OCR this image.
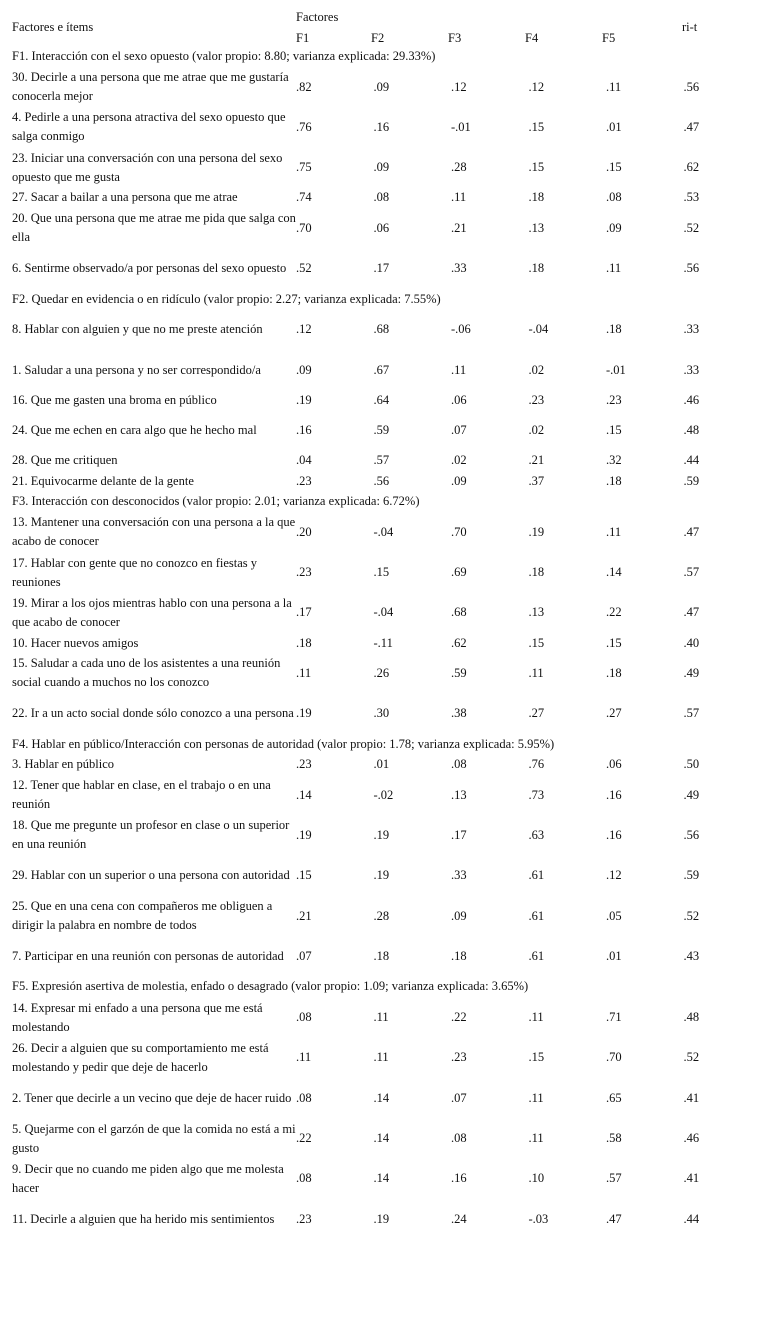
Factores e ítems
Factores
F1	F2	F3	F4	F5
ri-t
F1. Interacción con el sexo opuesto (valor propio: 8.80; varianza explicada: 29.33%)
30. Decirle a una persona que me atrae que me gustaría conocerla mejor
.82	.09	.12	.12	.11	.56
4. Pedirle a una persona atractiva del sexo opuesto que salga conmigo
.76	.16	-.01	.15	.01	.47
23. Iniciar una conversación con una persona del sexo opuesto que me gusta
.75	.09	.28	.15	.15	.62
27. Sacar a bailar a una persona que me atrae	.74	.08	.11	.18	.08	.53
20. Que una persona que me atrae me pida que salga con ella
.70	.06	.21	.13	.09	.52
6. Sentirme observado/a por personas del sexo opuesto .52	.17	.33	.18	.11	.56
F2. Quedar en evidencia o en ridículo (valor propio: 2.27; varianza explicada: 7.55%)
8. Hablar con alguien y que no me preste atención	.12	.68	-.06	-.04	.18	.33
1. Saludar a una persona y no ser correspondido/a	.09	.67	.11	.02	-.01	.33
16. Que me gasten una broma en público	.19	.64	.06	.23	.23	.46
24. Que me echen en cara algo que he hecho mal	.16	.59	.07	.02	.15	.48
28. Que me critiquen	.04	.57	.02	.21	.32	.44
21. Equivocarme delante de la gente	.23	.56	.09	.37	.18	.59
F3. Interacción con desconocidos (valor propio: 2.01; varianza explicada: 6.72%)
13. Mantener una conversación con una persona a la que acabo de conocer
.20	-.04	.70	.19	.11	.47
17. Hablar con gente que no conozco en fiestas y reuniones
.23	.15	.69	.18	.14	.57
19. Mirar a los ojos mientras hablo con una persona a la que acabo de conocer
.17	-.04	.68	.13	.22	.47
10. Hacer nuevos amigos	.18	-.11	.62	.15	.15	.40
15. Saludar a cada uno de los asistentes a una reunión social cuando a muchos no los conozco
.11	.26	.59	.11	.18	.49
22. Ir a un acto social donde sólo conozco a una persona .19	.30	.38	.27	.27	.57
F4. Hablar en público/Interacción con personas de autoridad (valor propio: 1.78; varianza explicada: 5.95%)
3. Hablar en público	.23	.01	.08	.76	.06	.50
12. Tener que hablar en clase, en el trabajo o en una reunión
.14	-.02	.13	.73	.16	.49
18. Que me pregunte un profesor en clase o un superior en una reunión
.19	.19	.17	.63	.16	.56
29. Hablar con un superior o una persona con autoridad .15	.19	.33	.61	.12	.59
25. Que en una cena con compañeros me obliguen a dirigir la palabra en nombre de todos
.21	.28	.09	.61	.05	.52
7. Participar en una reunión con personas de autoridad .07	.18	.18	.61	.01	.43
F5. Expresión asertiva de molestia, enfado o desagrado (valor propio: 1.09; varianza explicada: 3.65%)
14. Expresar mi enfado a una persona que me está molestando
.08	.11	.22	.11	.71	.48
26. Decir a alguien que su comportamiento me está molestando y pedir que deje de hacerlo
.11	.11	.23	.15	.70	.52
2. Tener que decirle a un vecino que deje de hacer ruido .08	.14	.07	.11	.65	.41
5. Quejarme con el garzón de que la comida no está a mi gusto
.22	.14	.08	.11	.58	.46
9. Decir que no cuando me piden algo que me molesta hacer
.08	.14	.16	.10	.57	.41
11. Decirle a alguien que ha herido mis sentimientos	.23	.19	.24	-.03	.47	.44
